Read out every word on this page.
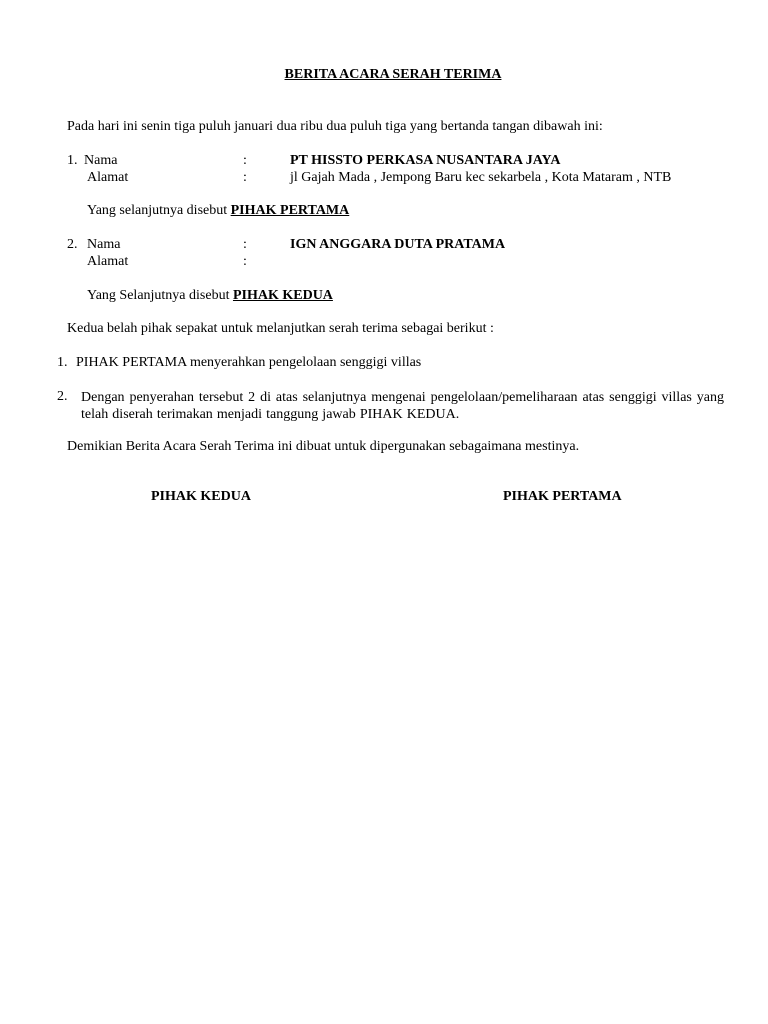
BERITA ACARA SERAH TERIMA
Pada hari ini senin tiga puluh januari dua ribu dua puluh tiga yang bertanda tangan dibawah ini:
1. Nama	:	PT HISSTO PERKASA NUSANTARA JAYA
Alamat	:	jl Gajah Mada , Jempong Baru kec sekarbela , Kota Mataram , NTB
Yang selanjutnya disebut PIHAK PERTAMA
2. Nama	:	IGN ANGGARA DUTA PRATAMA
Alamat	:
Yang Selanjutnya disebut PIHAK KEDUA
Kedua belah pihak sepakat untuk melanjutkan serah terima sebagai berikut :
1. PIHAK PERTAMA menyerahkan pengelolaan senggigi villas
2. Dengan penyerahan tersebut 2 di atas selanjutnya mengenai pengelolaan/pemeliharaan atas senggigi villas yang telah diserah terimakan menjadi tanggung jawab PIHAK KEDUA.
Demikian Berita Acara Serah Terima ini dibuat untuk dipergunakan sebagaimana mestinya.
PIHAK KEDUA	PIHAK PERTAMA
